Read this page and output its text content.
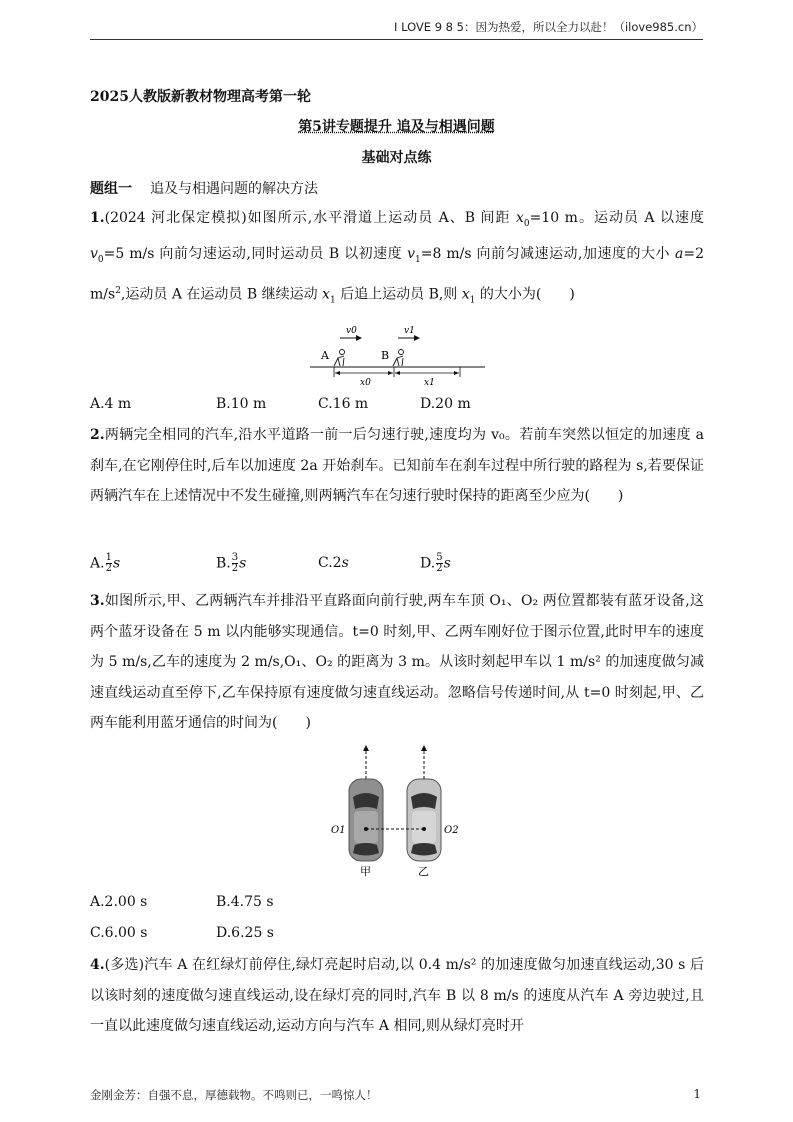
I LOVE 9 8 5：因为热爱，所以全力以赴！（ilove985.cn）
2025人教版新教材物理高考第一轮
第5讲专题提升 追及与相遇问题
基础对点练
题组一 追及与相遇问题的解决方法
1.(2024 河北保定模拟)如图所示,水平滑道上运动员 A、B 间距 $x_0=10$ m。运动员 A 以速度 $v_0=5$ m/s 向前匀速运动,同时运动员 B 以初速度 $v_1=8$ m/s 向前匀减速运动,加速度的大小 a=2 $m/s^2$,运动员 A 在运动员 B 继续运动 $x_1$ 后追上运动员 B,则 $x_1$ 的大小为(　　)
v0	v1
A	B
x0	x1
A.4 m	B.10 m	C.16 m	D.20 m
2.两辆完全相同的汽车,沿水平道路一前一后匀速行驶,速度均为 v₀。若前车突然以恒定的加速度 a 刹车,在它刚停住时,后车以加速度 2a 开始刹车。已知前车在刹车过程中所行驶的路程为 s,若要保证两辆汽车在上述情况中不发生碰撞,则两辆汽车在匀速行驶时保持的距离至少应为(　　)
A. $\frac{1}{2}$ s	B. $\frac{3}{2}$ s	C.2s	D. $\frac{5}{2}$ s
3.如图所示,甲、乙两辆汽车并排沿平直路面向前行驶,两车车顶 O₁、O₂ 两位置都装有蓝牙设备,这两个蓝牙设备在 5 m 以内能够实现通信。t=0 时刻,甲、乙两车刚好位于图示位置,此时甲车的速度为 5 m/s,乙车的速度为 2 m/s,O₁、O₂ 的距离为 3 m。从该时刻起甲车以 1 m/s² 的加速度做匀减速直线运动直至停下,乙车保持原有速度做匀速直线运动。忽略信号传递时间,从 t=0 时刻起,甲、乙两车能利用蓝牙通信的时间为(　　)
O1	O2
甲	乙
A.2.00 s	B.4.75 s
C.6.00 s	D.6.25 s
4.(多选)汽车 A 在红绿灯前停住,绿灯亮起时启动,以 0.4 m/s² 的加速度做匀加速直线运动,30 s 后以该时刻的速度做匀速直线运动,设在绿灯亮的同时,汽车 B 以 8 m/s 的速度从汽车 A 旁边驶过,且一直以此速度做匀速直线运动,运动方向与汽车 A 相同,则从绿灯亮时开
金刚金芳：自强不息，厚德载物。不鸣则已，一鸣惊人！	1
